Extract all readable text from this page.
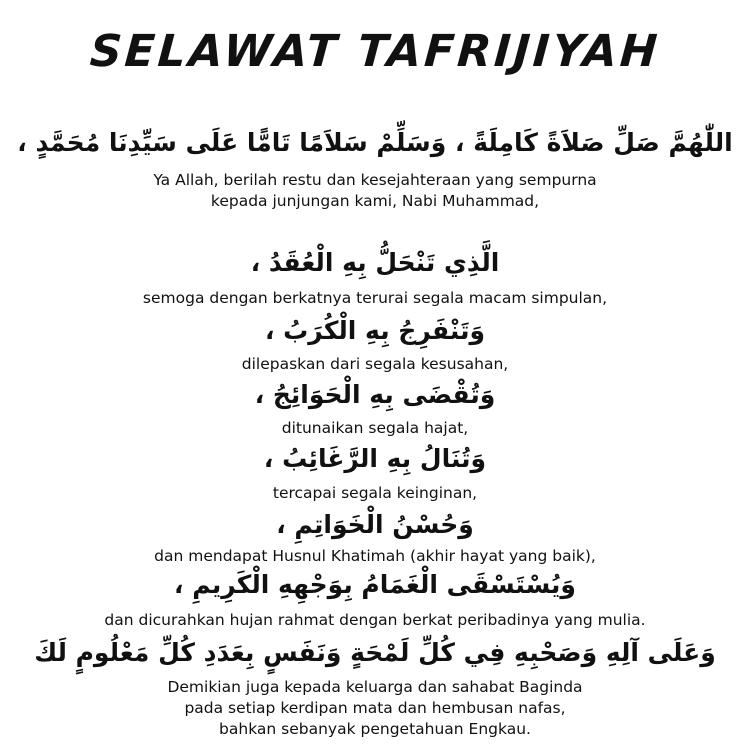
SELAWAT TAFRIJIYAH
اللّٰهُمَّ صَلِّ صَلاَةً كَامِلَةً ، وَسَلِّمْ سَلاَمًا تَامًّا عَلَى سَيِّدِنَا مُحَمَّدٍ ،
Ya Allah, berilah restu dan kesejahteraan yang sempurna
kepada junjungan kami, Nabi Muhammad,
الَّذِي تَنْحَلُّ بِهِ الْعُقَدُ ،
semoga dengan berkatnya terurai segala macam simpulan,
وَتَنْفَرِجُ بِهِ الْكُرَبُ ،
dilepaskan dari segala kesusahan,
وَتُقْضَى بِهِ الْحَوَائِجُ ،
ditunaikan segala hajat,
وَتُنَالُ بِهِ الرَّغَائِبُ ،
tercapai segala keinginan,
وَحُسْنُ الْخَوَاتِمِ ،
dan mendapat Husnul Khatimah (akhir hayat yang baik),
وَيُسْتَسْقَى الْغَمَامُ بِوَجْهِهِ الْكَرِيمِ ،
dan dicurahkan hujan rahmat dengan berkat peribadinya yang mulia.
وَعَلَى آلِهِ وَصَحْبِهِ فِي كُلِّ لَمْحَةٍ وَنَفَسٍ بِعَدَدِ كُلِّ مَعْلُومٍ لَكَ
Demikian juga kepada keluarga dan sahabat Baginda
pada setiap kerdipan mata dan hembusan nafas,
bahkan sebanyak pengetahuan Engkau.
